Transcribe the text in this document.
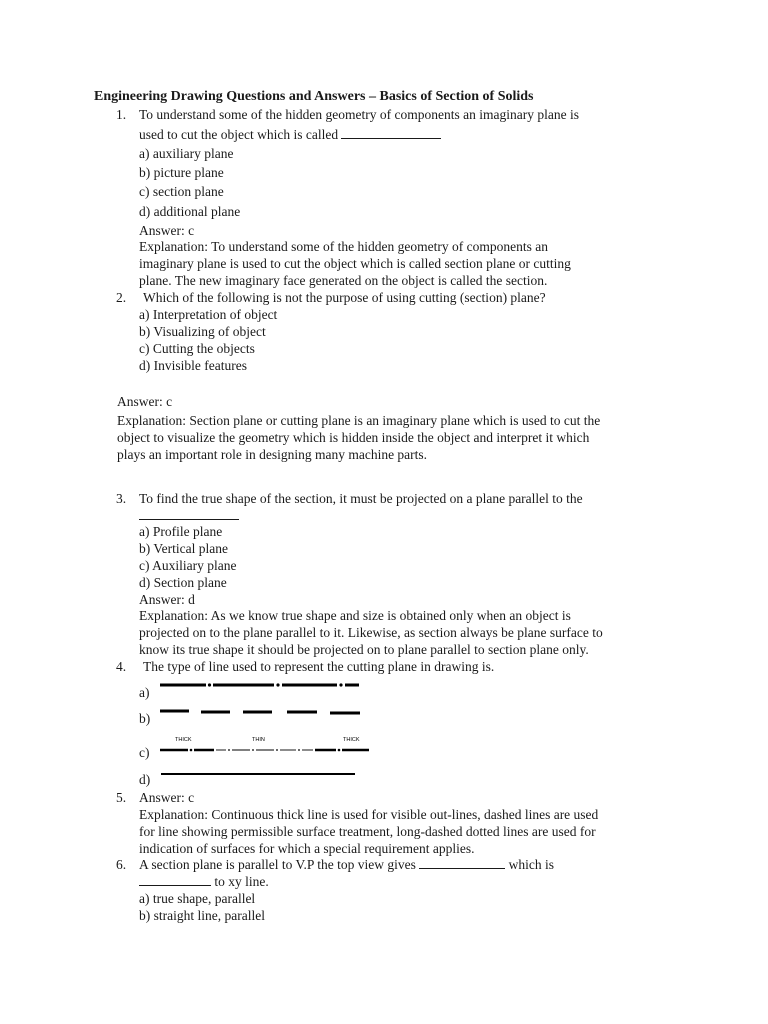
Engineering Drawing Questions and Answers – Basics of Section of Solids
1. To understand some of the hidden geometry of components an imaginary plane is
used to cut the object which is called
a) auxiliary plane
b) picture plane
c) section plane
d) additional plane
Answer: c
Explanation: To understand some of the hidden geometry of components an
imaginary plane is used to cut the object which is called section plane or cutting
plane. The new imaginary face generated on the object is called the section.
2. Which of the following is not the purpose of using cutting (section) plane?
a) Interpretation of object
b) Visualizing of object
c) Cutting the objects
d) Invisible features
Answer: c
Explanation: Section plane or cutting plane is an imaginary plane which is used to cut the
object to visualize the geometry which is hidden inside the object and interpret it which
plays an important role in designing many machine parts.
3. To find the true shape of the section, it must be projected on a plane parallel to the
a) Profile plane
b) Vertical plane
c) Auxiliary plane
d) Section plane
Answer: d
Explanation: As we know true shape and size is obtained only when an object is
projected on to the plane parallel to it. Likewise, as section always be plane surface to
know its true shape it should be projected on to plane parallel to section plane only.
4. The type of line used to represent the cutting plane in drawing is.
a)
b)
c)
d)
THICK	THIN	THICK
5. Answer: c
Explanation: Continuous thick line is used for visible out-lines, dashed lines are used
for line showing permissible surface treatment, long-dashed dotted lines are used for
indication of surfaces for which a special requirement applies.
6. A section plane is parallel to V.P the top view gives	which is
to xy line.
a) true shape, parallel
b) straight line, parallel
